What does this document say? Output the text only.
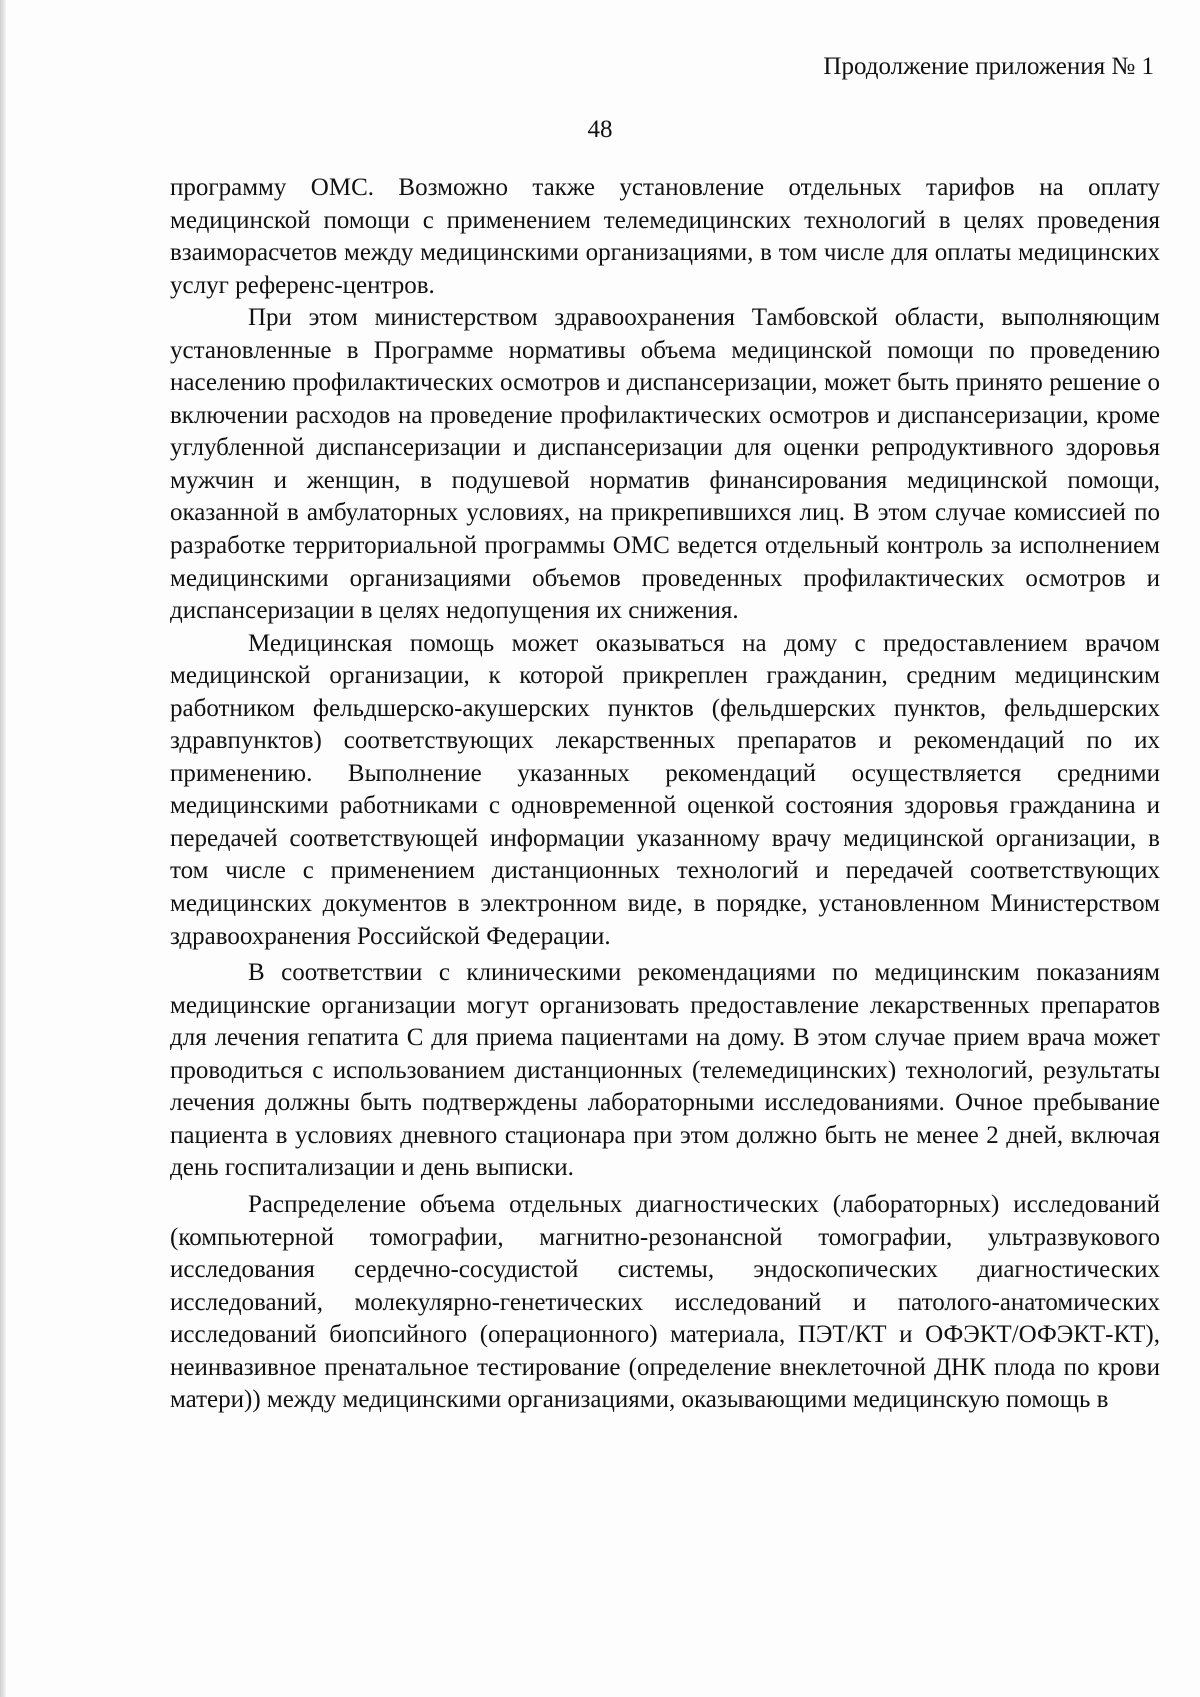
Продолжение приложения № 1
48

программу ОМС. Возможно также установление отдельных тарифов на оплату медицинской помощи с применением телемедицинских технологий в целях проведения взаиморасчетов между медицинскими организациями, в том числе для оплаты медицинских услуг референс-центров.

При этом министерством здравоохранения Тамбовской области, выполняющим установленные в Программе нормативы объема медицинской помощи по проведению населению профилактических осмотров и диспансеризации, может быть принято решение о включении расходов на проведение профилактических осмотров и диспансеризации, кроме углубленной диспансеризации и диспансеризации для оценки репродуктивного здоровья мужчин и женщин, в подушевой норматив финансирования медицинской помощи, оказанной в амбулаторных условиях, на прикрепившихся лиц. В этом случае комиссией по разработке территориальной программы ОМС ведется отдельный контроль за исполнением медицинскими организациями объемов проведенных профилактических осмотров и диспансеризации в целях недопущения их снижения.

Медицинская помощь может оказываться на дому с предоставлением врачом медицинской организации, к которой прикреплен гражданин, средним медицинским работником фельдшерско-акушерских пунктов (фельдшерских пунктов, фельдшерских здравпунктов) соответствующих лекарственных препаратов и рекомендаций по их применению. Выполнение указанных рекомендаций осуществляется средними медицинскими работниками с одновременной оценкой состояния здоровья гражданина и передачей соответствующей информации указанному врачу медицинской организации, в том числе с применением дистанционных технологий и передачей соответствующих медицинских документов в электронном виде, в порядке, установленном Министерством здравоохранения Российской Федерации.

В соответствии с клиническими рекомендациями по медицинским показаниям медицинские организации могут организовать предоставление лекарственных препаратов для лечения гепатита С для приема пациентами на дому. В этом случае прием врача может проводиться с использованием дистанционных (телемедицинских) технологий, результаты лечения должны быть подтверждены лабораторными исследованиями. Очное пребывание пациента в условиях дневного стационара при этом должно быть не менее 2 дней, включая день госпитализации и день выписки.

Распределение объема отдельных диагностических (лабораторных) исследований (компьютерной томографии, магнитно-резонансной томографии, ультразвукового исследования сердечно-сосудистой системы, эндоскопических диагностических исследований, молекулярно-генетических исследований и патолого-анатомических исследований биопсийного (операционного) материала, ПЭТ/КТ и ОФЭКТ/ОФЭКТ-КТ), неинвазивное пренатальное тестирование (определение внеклеточной ДНК плода по крови матери)) между медицинскими организациями, оказывающими медицинскую помощь в
